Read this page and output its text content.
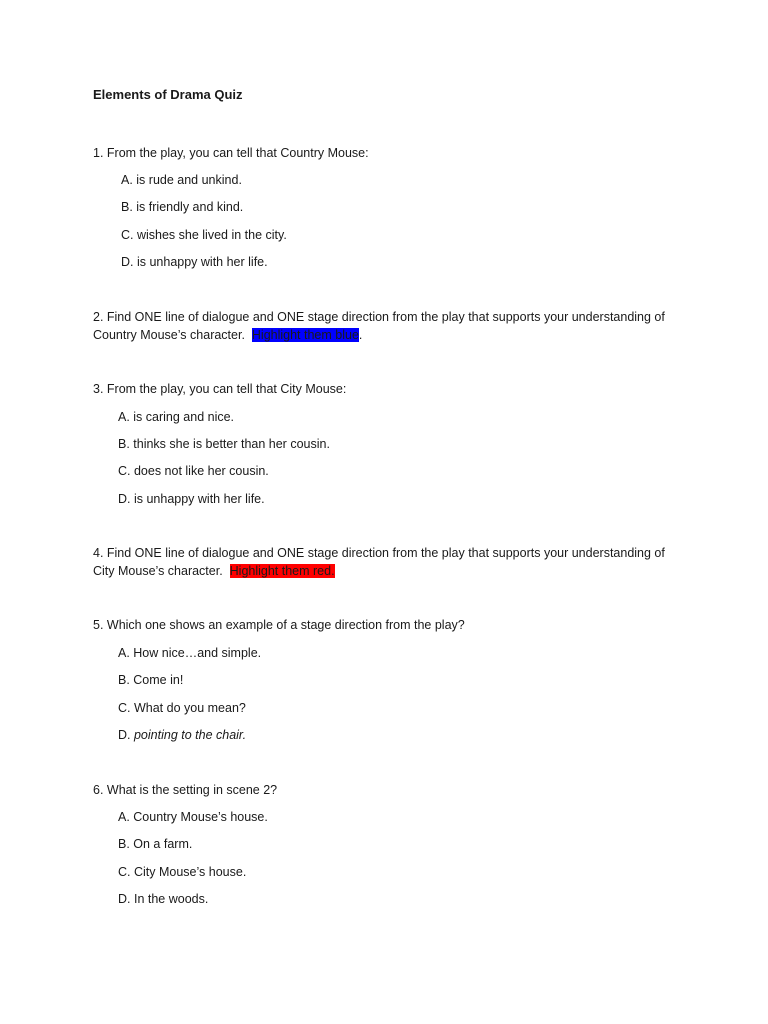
Elements of Drama Quiz
1. From the play, you can tell that Country Mouse:
A. is rude and unkind.
B. is friendly and kind.
C. wishes she lived in the city.
D. is unhappy with her life.
2. Find ONE line of dialogue and ONE stage direction from the play that supports your understanding of Country Mouse’s character. Highlight them blue.
3. From the play, you can tell that City Mouse:
A. is caring and nice.
B. thinks she is better than her cousin.
C. does not like her cousin.
D. is unhappy with her life.
4. Find ONE line of dialogue and ONE stage direction from the play that supports your understanding of City Mouse’s character. Highlight them red.
5. Which one shows an example of a stage direction from the play?
A. How nice…and simple.
B. Come in!
C. What do you mean?
D. pointing to the chair.
6. What is the setting in scene 2?
A. Country Mouse’s house.
B. On a farm.
C. City Mouse’s house.
D. In the woods.
